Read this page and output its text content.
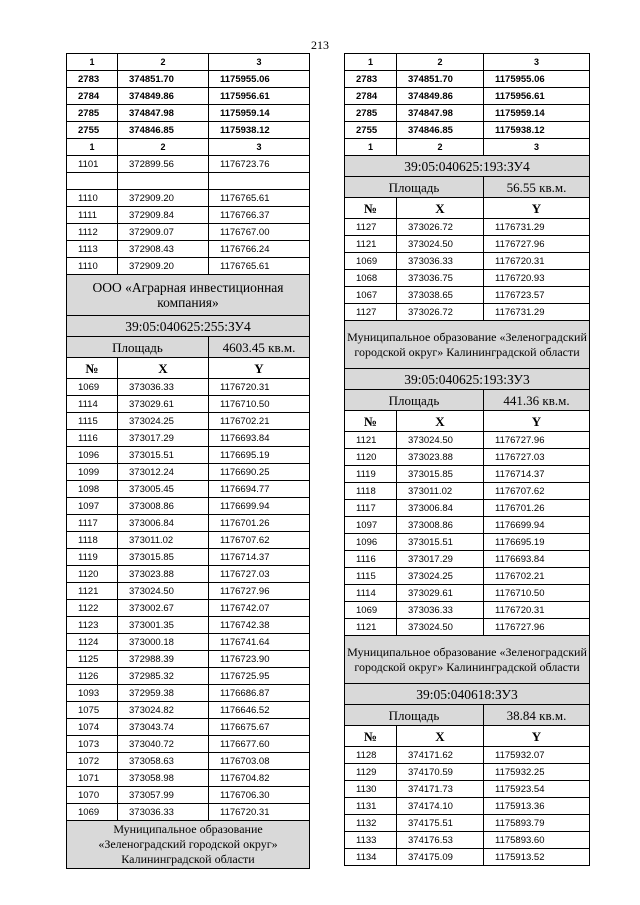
213
1	2	3
2783	374851.70	1175955.06
2784	374849.86	1175956.61
2785	374847.98	1175959.14
2755	374846.85	1175938.12
1	2	3
1101	372899.56	1176723.76

1110	372909.20	1176765.61
1111	372909.84	1176766.37
1112	372909.07	1176767.00
1113	372908.43	1176766.24
1110	372909.20	1176765.61
ООО «Аграрная инвестиционная компания»		
39:05:040625:255:ЗУ4		
Площадь		4603.45 кв.м.
№	X	Y
1069	373036.33	1176720.31
1114	373029.61	1176710.50
1115	373024.25	1176702.21
1116	373017.29	1176693.84
1096	373015.51	1176695.19
1099	373012.24	1176690.25
1098	373005.45	1176694.77
1097	373008.86	1176699.94
1117	373006.84	1176701.26
1118	373011.02	1176707.62
1119	373015.85	1176714.37
1120	373023.88	1176727.03
1121	373024.50	1176727.96
1122	373002.67	1176742.07
1123	373001.35	1176742.38
1124	373000.18	1176741.64
1125	372988.39	1176723.90
1126	372985.32	1176725.95
1093	372959.38	1176686.87
1075	373024.82	1176646.52
1074	373043.74	1176675.67
1073	373040.72	1176677.60
1072	373058.63	1176703.08
1071	373058.98	1176704.82
1070	373057.99	1176706.30
1069	373036.33	1176720.31
Муниципальное образование «Зеленоградский городской округ» Калининградской области		
1	2	3
2783	374851.70	1175955.06
2784	374849.86	1175956.61
2785	374847.98	1175959.14
2755	374846.85	1175938.12
1	2	3
39:05:040625:193:ЗУ4		
Площадь		56.55 кв.м.
№	X	Y
1127	373026.72	1176731.29
1121	373024.50	1176727.96
1069	373036.33	1176720.31
1068	373036.75	1176720.93
1067	373038.65	1176723.57
1127	373026.72	1176731.29
Муниципальное образование «Зеленоградский городской округ» Калининградской области		
39:05:040625:193:ЗУ3		
Площадь		441.36 кв.м.
№	X	Y
1121	373024.50	1176727.96
1120	373023.88	1176727.03
1119	373015.85	1176714.37
1118	373011.02	1176707.62
1117	373006.84	1176701.26
1097	373008.86	1176699.94
1096	373015.51	1176695.19
1116	373017.29	1176693.84
1115	373024.25	1176702.21
1114	373029.61	1176710.50
1069	373036.33	1176720.31
1121	373024.50	1176727.96
Муниципальное образование «Зеленоградский городской округ» Калининградской области		
39:05:040618:ЗУ3		
Площадь		38.84 кв.м.
№	X	Y
1128	374171.62	1175932.07
1129	374170.59	1175932.25
1130	374171.73	1175923.54
1131	374174.10	1175913.36
1132	374175.51	1175893.79
1133	374176.53	1175893.60
1134	374175.09	1175913.52
